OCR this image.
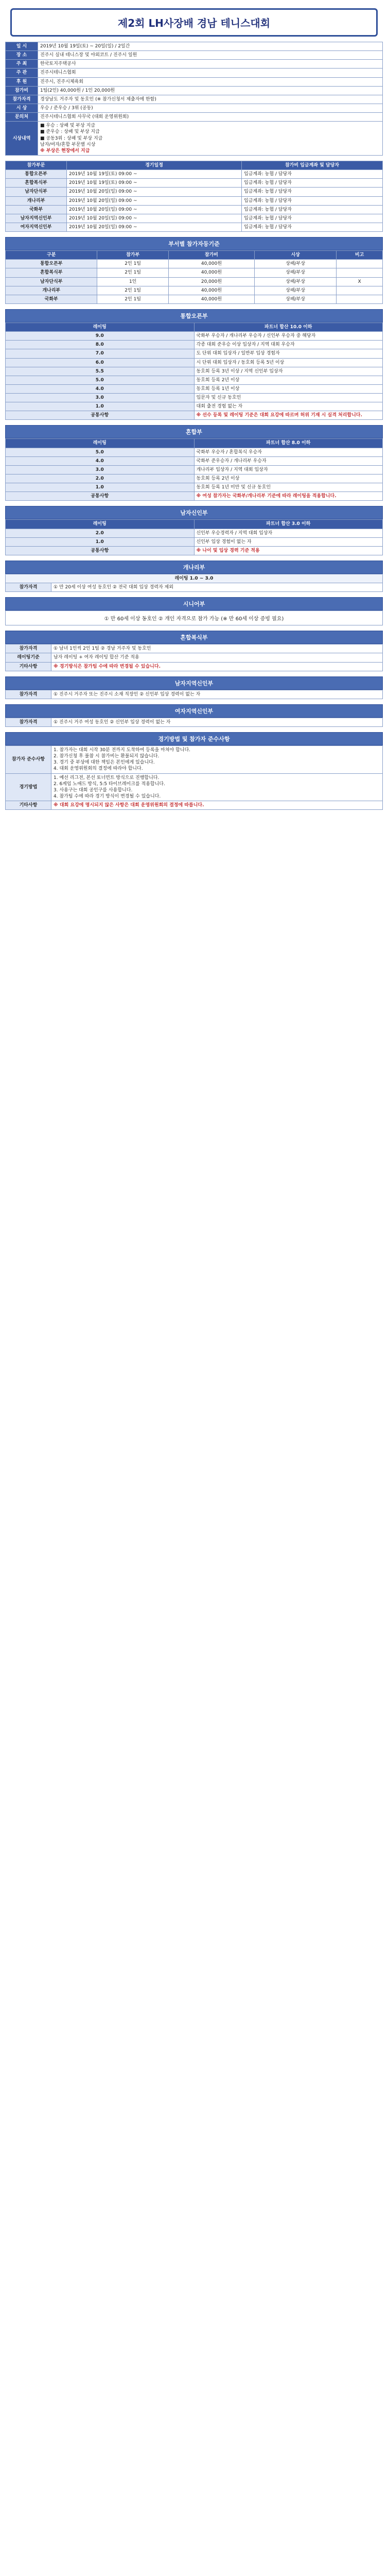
제2회 LH사장배 경남 테니스대회
일 시	2019년 10월 19일(토) ~ 20일(일) / 2일간
장 소	진주시 실내 테니스장 및 야외코트 / 진주시 일원
주 최	한국토지주택공사
주 관	진주시테니스협회
후 원	진주시, 진주시체육회
참가비	1팀(2인) 40,000원 / 1인 20,000원
참가자격	경상남도 거주자 및 동호인 (※ 참가신청서 제출자에 한함)
시 상	우승 / 준우승 / 3위 (공동)
문의처	진주시테니스협회 사무국 (대회 운영위원회)
시상내역	■ 우승 : 상패 및 부상 지급
■ 준우승 : 상패 및 부상 지급
■ 공동3위 : 상패 및 부상 지급
남자/여자/혼합 부문별 시상
※ 부상은 현장에서 지급
참가부문	경기일정	참가비 입금계좌 및 담당자
통합오픈부	2019년 10월 19일(토) 09:00 ~	입금계좌: 농협 / 담당자
혼합복식부	2019년 10월 19일(토) 09:00 ~	입금계좌: 농협 / 담당자
남자단식부	2019년 10월 20일(일) 09:00 ~	입금계좌: 농협 / 담당자
개나리부	2019년 10월 20일(일) 09:00 ~	입금계좌: 농협 / 담당자
국화부	2019년 10월 20일(일) 09:00 ~	입금계좌: 농협 / 담당자
남자지역신인부	2019년 10월 20일(일) 09:00 ~	입금계좌: 농협 / 담당자
여자지역신인부	2019년 10월 20일(일) 09:00 ~	입금계좌: 농협 / 담당자
부서별 참가자등기준
구분	참가부	참가비	시상	비고
통합오픈부	2인 1팀	40,000원	상패/부상	
혼합복식부	2인 1팀	40,000원	상패/부상	
남자단식부	1인	20,000원	상패/부상	X
개나리부	2인 1팀	40,000원	상패/부상	
국화부	2인 1팀	40,000원	상패/부상	
통합오픈부
레이팅	파트너 합산 10.0 이하
9.0	국화부 우승자 / 개나리부 우승자 / 신인부 우승자 중 해당자
8.0	각종 대회 준우승 이상 입상자 / 지역 대회 우승자
7.0	도 단위 대회 입상자 / 일반부 입상 경험자
6.0	시 단위 대회 입상자 / 동호회 등록 5년 이상
5.5	동호회 등록 3년 이상 / 지역 신인부 입상자
5.0	동호회 등록 2년 이상
4.0	동호회 등록 1년 이상
3.0	입문자 및 신규 동호인
1.0	대회 출전 경험 없는 자
공통사항	※ 선수 등록 및 레이팅 기준은 대회 요강에 따르며 허위 기재 시 실격 처리합니다.
혼합부
레이팅	파트너 합산 8.0 이하
5.0	국화부 우승자 / 혼합복식 우승자
4.0	국화부 준우승자 / 개나리부 우승자
3.0	개나리부 입상자 / 지역 대회 입상자
2.0	동호회 등록 2년 이상
1.0	동호회 등록 1년 미만 및 신규 동호인
공통사항	※ 여성 참가자는 국화부/개나리부 기준에 따라 레이팅을 적용합니다.
남자신인부
레이팅	파트너 합산 3.0 이하
2.0	신인부 우승경력자 / 지역 대회 입상자
1.0	신인부 입상 경험이 없는 자
공통사항	※ 나이 및 입상 경력 기준 적용
개나리부
레이팅 1.0 ~ 3.0
참가자격	① 만 20세 이상 여성 동호인 ② 전국 대회 입상 경력자 제외
시니어부
① 만 60세 이상 동호인 ② 개인 자격으로 참가 가능 (※ 만 60세 이상 증빙 필요)
혼합복식부
참가자격	① 남녀 1인씩 2인 1팀 ② 경남 거주자 및 동호인
레이팅기준	남자 레이팅 + 여자 레이팅 합산 기준 적용
기타사항	※ 경기방식은 참가팀 수에 따라 변경될 수 있습니다.
남자지역신인부
참가자격	① 진주시 거주자 또는 진주시 소재 직장인 ② 신인부 입상 경력이 없는 자
여자지역신인부
참가자격	① 진주시 거주 여성 동호인 ② 신인부 입상 경력이 없는 자
경기방법 및 참가자 준수사항
참가자 준수사항	1. 참가자는 대회 시작 30분 전까지 도착하여 등록을 마쳐야 합니다.
2. 참가신청 후 불참 시 참가비는 환불되지 않습니다.
3. 경기 중 부상에 대한 책임은 본인에게 있습니다.
4. 대회 운영위원회의 결정에 따라야 합니다.

경기방법	1. 예선 리그전, 본선 토너먼트 방식으로 진행합니다.
2. 6게임 노애드 방식, 5:5 타이브레이크를 적용합니다.
3. 사용구는 대회 공인구를 사용합니다.
4. 참가팀 수에 따라 경기 방식이 변경될 수 있습니다.

기타사항	※ 대회 요강에 명시되지 않은 사항은 대회 운영위원회의 결정에 따릅니다.
